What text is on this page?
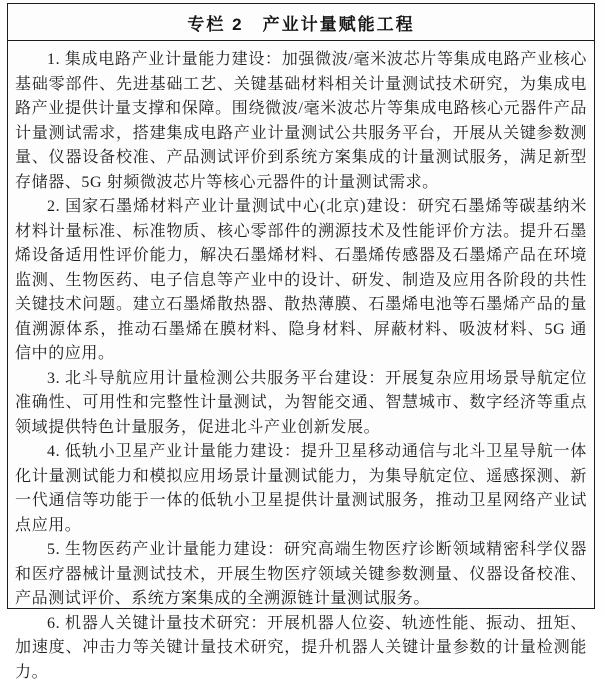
专栏 2　产业计量赋能工程

1. 集成电路产业计量能力建设：加强微波/毫米波芯片等集成电路产业核心基础零部件、先进基础工艺、关键基础材料相关计量测试技术研究，为集成电路产业提供计量支撑和保障。围绕微波/毫米波芯片等集成电路核心元器件产品计量测试需求，搭建集成电路产业计量测试公共服务平台，开展从关键参数测量、仪器设备校准、产品测试评价到系统方案集成的计量测试服务，满足新型存储器、5G 射频微波芯片等核心元器件的计量测试需求。

2. 国家石墨烯材料产业计量测试中心(北京)建设：研究石墨烯等碳基纳米材料计量标准、标准物质、核心零部件的溯源技术及性能评价方法。提升石墨烯设备适用性评价能力，解决石墨烯材料、石墨烯传感器及石墨烯产品在环境监测、生物医药、电子信息等产业中的设计、研发、制造及应用各阶段的共性关键技术问题。建立石墨烯散热器、散热薄膜、石墨烯电池等石墨烯产品的量值溯源体系，推动石墨烯在膜材料、隐身材料、屏蔽材料、吸波材料、5G 通信中的应用。

3. 北斗导航应用计量检测公共服务平台建设：开展复杂应用场景导航定位准确性、可用性和完整性计量测试，为智能交通、智慧城市、数字经济等重点领域提供特色计量服务，促进北斗产业创新发展。

4. 低轨小卫星产业计量能力建设：提升卫星移动通信与北斗卫星导航一体化计量测试能力和模拟应用场景计量测试能力，为集导航定位、遥感探测、新一代通信等功能于一体的低轨小卫星提供计量测试服务，推动卫星网络产业试点应用。

5. 生物医药产业计量能力建设：研究高端生物医疗诊断领域精密科学仪器和医疗器械计量测试技术，开展生物医疗领域关键参数测量、仪器设备校准、产品测试评价、系统方案集成的全溯源链计量测试服务。

6. 机器人关键计量技术研究：开展机器人位姿、轨迹性能、振动、扭矩、加速度、冲击力等关键计量技术研究，提升机器人关键计量参数的计量检测能力。
